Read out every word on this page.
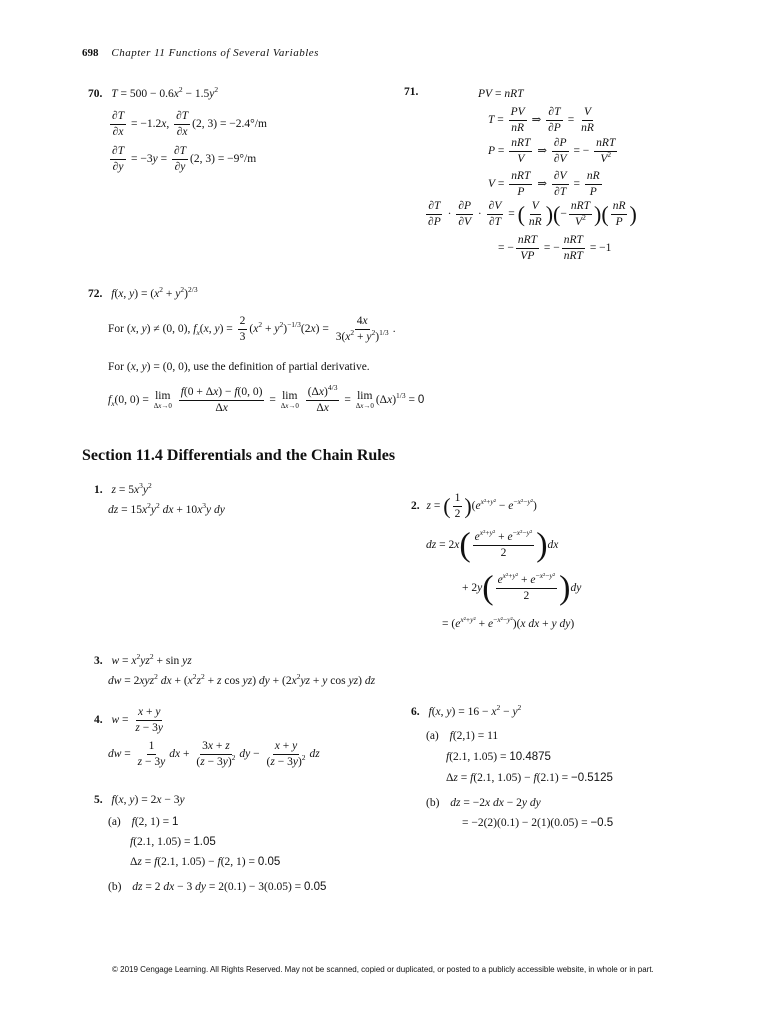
698 Chapter 11 Functions of Several Variables
70. $T = 500 - 0.6x^2 - 1.5y^2$
$\frac{\partial T}{\partial x} = -1.2x$, $\frac{\partial T}{\partial x} (2$, 3) = −2.4°/m
$\frac{\partial T}{\partial y} = -3y = \frac{\partial T}{\partial y} (2$, 3) = −9°/m
71.	PV = nRT
$T = \frac{PV}{nR}$ ⇒ $\frac{\partial T}{\partial P} = \frac{V}{nR}$
P =
nRT
V
⇒ $\frac{\partial P}{\partial V}$ = −
nRT
$V^2$
V =
nRT
P
⇒ $\frac{\partial V}{\partial T} = \frac{nR}{P}$
$\frac{\partial T}{\partial P} \cdot \frac{\partial P}{\partial V} \cdot \frac{\partial V}{\partial T}$ = ( $\frac{V}{nR}$ )(−
nRT
$V^2$ )( $\frac{nR}{P}$ )
= −
nRT
VP
= −
nRT
nRT
= −1
72. f(x, $y) = (x^2 + y^2)^{2/3}$
For (x, y) ≠ (0, 0), $f_x(x$, $y) = \frac{2}{3} (x^2 + y^2)^{-1/3}(2x) = \frac{4x}{3(x^2 + y^2)^{1/3}}$ .
For (x, y) = (0, 0), use the definition of partial derivative.
$f_x(0$, 0) = lim
Δx→0
$\frac{f(0 + \Delta x) - f(0, 0)}{\Delta x} = \lim$
Δx→0
$\frac{(\Delta x)^{4/3}}{\Delta x} = \lim$
Δx→0 $(\Delta x)^{1/3} = 0$
Section 11.4 Differentials and the Chain Rules
1. $z = 5x^3y^2$
dz = $15x^2y^2$ dx + $10x^3y$ dy	2. z = ( $\frac{1}{2} )(e^{x^2+y^2} - e^{-x^2-y^2})$
dz = $2x( \frac{e^{x^2+y^2} + e^{-x^2-y^2}}{2} )dx$
+ $2y( \frac{e^{x^2+y^2} + e^{-x^2-y^2}}{2} )dy$
= $(e^{x^2+y^2} + e^{-x^2-y^2})(x$ dx + y dy)
3. $w = x^2yz^2 + \sin$ yz
dw = 2xyz$^2$ dx + ($x^2z^2 + z$ cos yz) dy + ($2x^2yz + y$ cos yz) dz
4. $w = \frac{x + y}{z - 3y}$
dw = $\frac{1}{z - 3y}$ dx + $\frac{3x + z}{(z - 3y)^2}$ dy − $\frac{x + y}{(z - 3y)^2}$ dz
5. f(x, y) = 2x − 3y
(a) f(2, 1) = 1
f(2.1, 1.05) = 1.05
Δz = f(2.1, 1.05) − f(2, 1) = 0.05
(b) dz = 2 dx − 3 dy = 2(0.1) − 3(0.05) = 0.05
6. f(x, $y) = 16 - x^2 - y^2$
(a) f(2,1) = 11
f(2.1, 1.05) = 10.4875
Δz = f(2.1, 1.05) − f(2.1) = −0.5125
(b) dz = −2x dx − 2y dy
= −2(2)(0.1) − 2(1)(0.05) = −0.5
© 2019 Cengage Learning. All Rights Reserved. May not be scanned, copied or duplicated, or posted to a publicly accessible website, in whole or in part.
